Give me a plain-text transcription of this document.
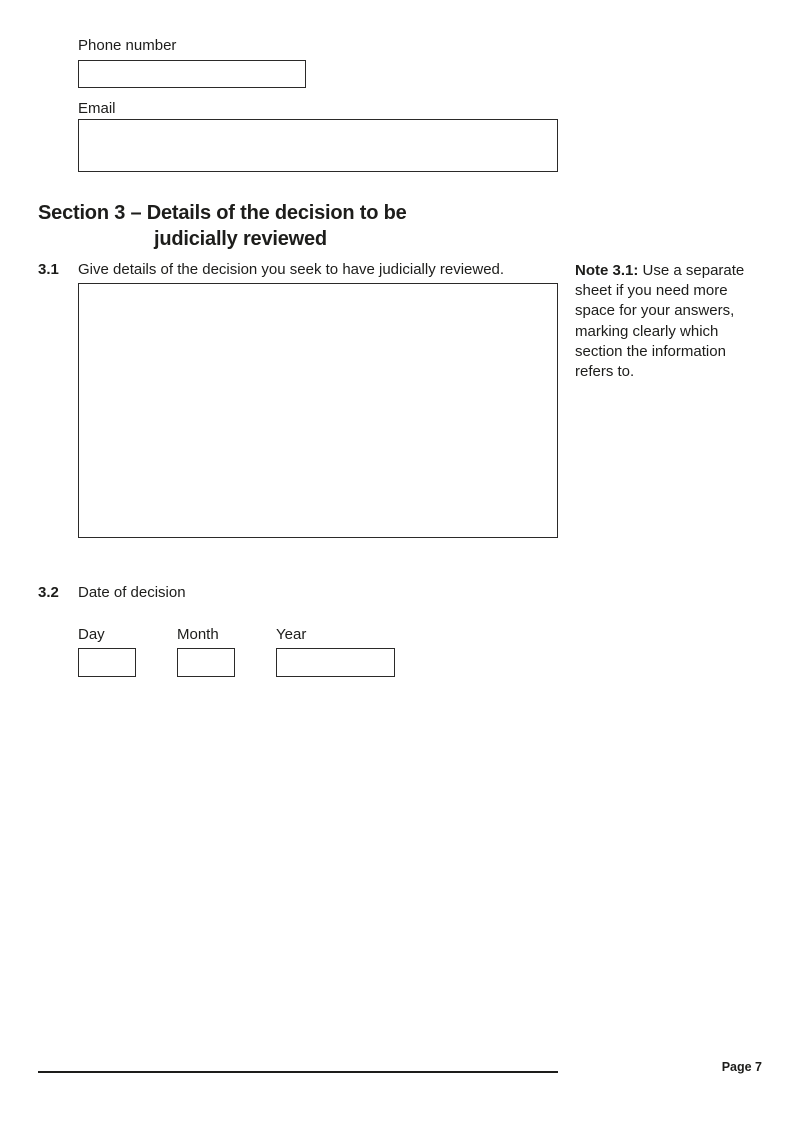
Phone number
Email
Section 3 – Details of the decision to be
judicially reviewed
3.1 Give details of the decision you seek to have judicially reviewed.	Note 3.1: Use a separate sheet if you need more space for your answers, marking clearly which section the information refers to.
3.2 Date of decision
Day	Month	Year
Page 7
